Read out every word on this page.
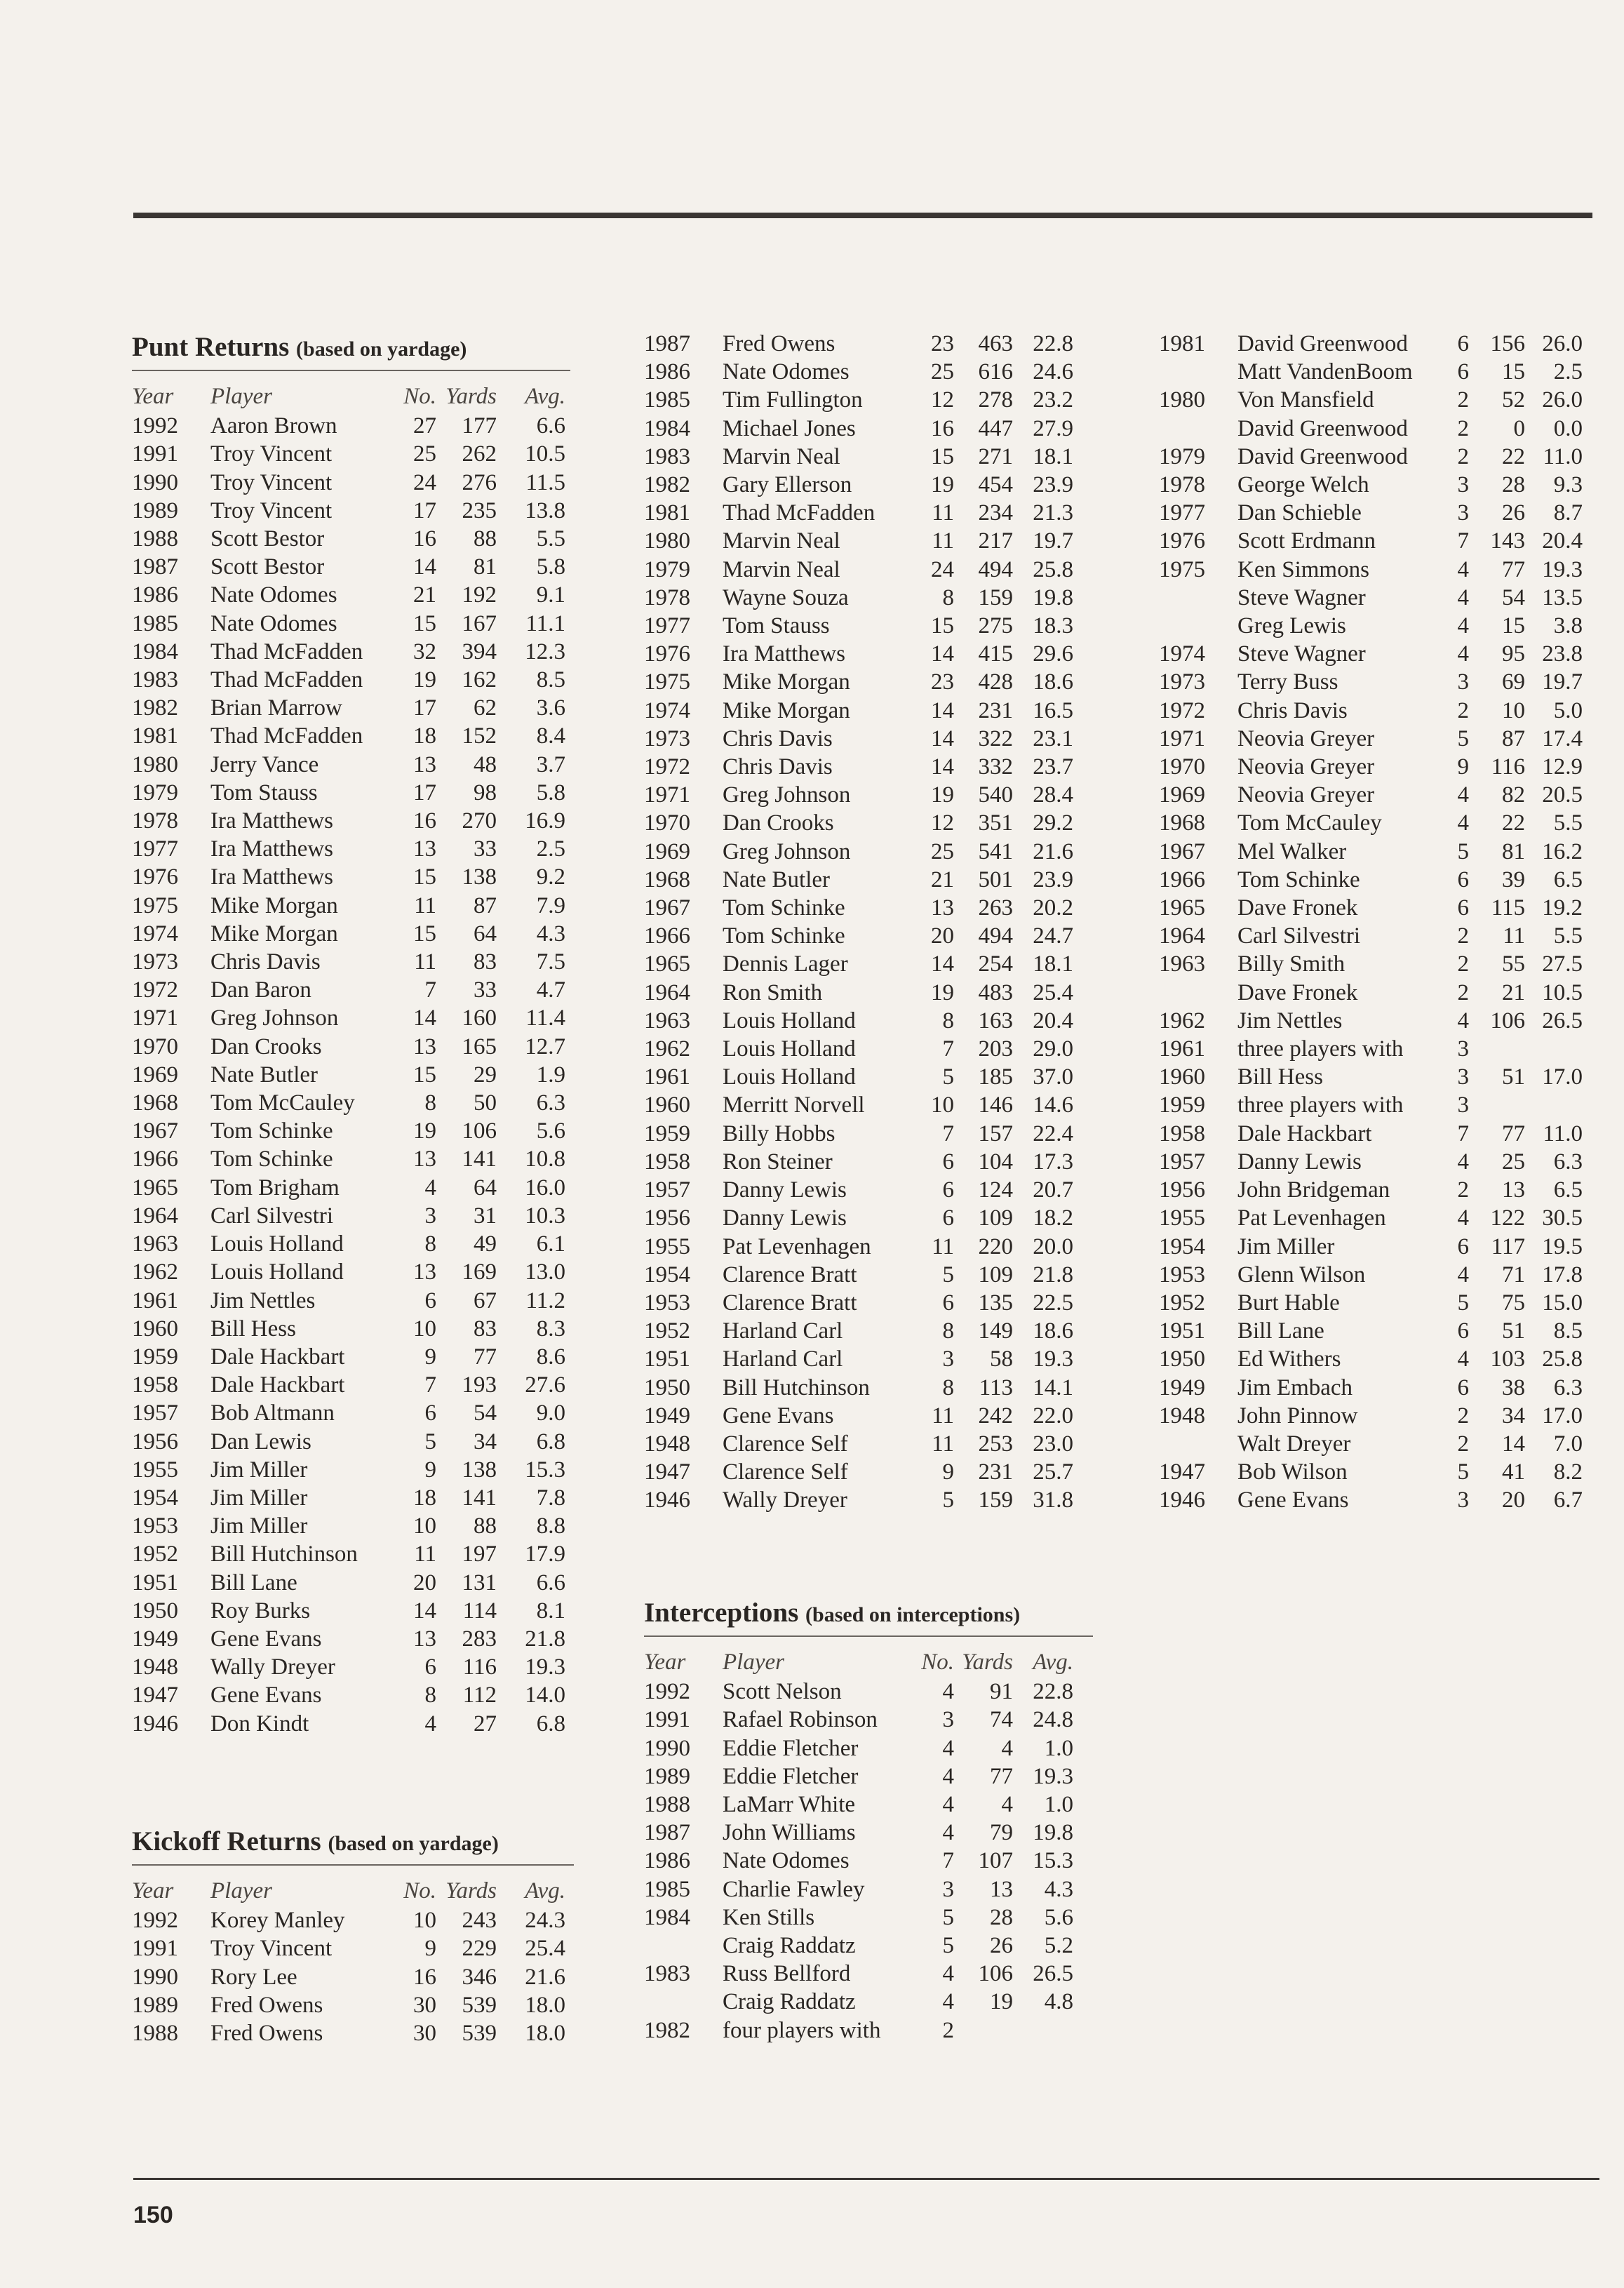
Punt Returns (based on yardage)
Year	Player	No.	Yards	Avg.
1992	Aaron Brown	27	177	6.6
1991	Troy Vincent	25	262	10.5
1990	Troy Vincent	24	276	11.5
1989	Troy Vincent	17	235	13.8
1988	Scott Bestor	16	88	5.5
1987	Scott Bestor	14	81	5.8
1986	Nate Odomes	21	192	9.1
1985	Nate Odomes	15	167	11.1
1984	Thad McFadden	32	394	12.3
1983	Thad McFadden	19	162	8.5
1982	Brian Marrow	17	62	3.6
1981	Thad McFadden	18	152	8.4
1980	Jerry Vance	13	48	3.7
1979	Tom Stauss	17	98	5.8
1978	Ira Matthews	16	270	16.9
1977	Ira Matthews	13	33	2.5
1976	Ira Matthews	15	138	9.2
1975	Mike Morgan	11	87	7.9
1974	Mike Morgan	15	64	4.3
1973	Chris Davis	11	83	7.5
1972	Dan Baron	7	33	4.7
1971	Greg Johnson	14	160	11.4
1970	Dan Crooks	13	165	12.7
1969	Nate Butler	15	29	1.9
1968	Tom McCauley	8	50	6.3
1967	Tom Schinke	19	106	5.6
1966	Tom Schinke	13	141	10.8
1965	Tom Brigham	4	64	16.0
1964	Carl Silvestri	3	31	10.3
1963	Louis Holland	8	49	6.1
1962	Louis Holland	13	169	13.0
1961	Jim Nettles	6	67	11.2
1960	Bill Hess	10	83	8.3
1959	Dale Hackbart	9	77	8.6
1958	Dale Hackbart	7	193	27.6
1957	Bob Altmann	6	54	9.0
1956	Dan Lewis	5	34	6.8
1955	Jim Miller	9	138	15.3
1954	Jim Miller	18	141	7.8
1953	Jim Miller	10	88	8.8
1952	Bill Hutchinson	11	197	17.9
1951	Bill Lane	20	131	6.6
1950	Roy Burks	14	114	8.1
1949	Gene Evans	13	283	21.8
1948	Wally Dreyer	6	116	19.3
1947	Gene Evans	8	112	14.0
1946	Don Kindt	4	27	6.8
Kickoff Returns (based on yardage)
Year	Player	No.	Yards	Avg.
1992	Korey Manley	10	243	24.3
1991	Troy Vincent	9	229	25.4
1990	Rory Lee	16	346	21.6
1989	Fred Owens	30	539	18.0
1988	Fred Owens	30	539	18.0
1987	Fred Owens	23	463	22.8
1986	Nate Odomes	25	616	24.6
1985	Tim Fullington	12	278	23.2
1984	Michael Jones	16	447	27.9
1983	Marvin Neal	15	271	18.1
1982	Gary Ellerson	19	454	23.9
1981	Thad McFadden	11	234	21.3
1980	Marvin Neal	11	217	19.7
1979	Marvin Neal	24	494	25.8
1978	Wayne Souza	8	159	19.8
1977	Tom Stauss	15	275	18.3
1976	Ira Matthews	14	415	29.6
1975	Mike Morgan	23	428	18.6
1974	Mike Morgan	14	231	16.5
1973	Chris Davis	14	322	23.1
1972	Chris Davis	14	332	23.7
1971	Greg Johnson	19	540	28.4
1970	Dan Crooks	12	351	29.2
1969	Greg Johnson	25	541	21.6
1968	Nate Butler	21	501	23.9
1967	Tom Schinke	13	263	20.2
1966	Tom Schinke	20	494	24.7
1965	Dennis Lager	14	254	18.1
1964	Ron Smith	19	483	25.4
1963	Louis Holland	8	163	20.4
1962	Louis Holland	7	203	29.0
1961	Louis Holland	5	185	37.0
1960	Merritt Norvell	10	146	14.6
1959	Billy Hobbs	7	157	22.4
1958	Ron Steiner	6	104	17.3
1957	Danny Lewis	6	124	20.7
1956	Danny Lewis	6	109	18.2
1955	Pat Levenhagen	11	220	20.0
1954	Clarence Bratt	5	109	21.8
1953	Clarence Bratt	6	135	22.5
1952	Harland Carl	8	149	18.6
1951	Harland Carl	3	58	19.3
1950	Bill Hutchinson	8	113	14.1
1949	Gene Evans	11	242	22.0
1948	Clarence Self	11	253	23.0
1947	Clarence Self	9	231	25.7
1946	Wally Dreyer	5	159	31.8
Interceptions (based on interceptions)
Year	Player	No.	Yards	Avg.
1992	Scott Nelson	4	91	22.8
1991	Rafael Robinson	3	74	24.8
1990	Eddie Fletcher	4	4	1.0
1989	Eddie Fletcher	4	77	19.3
1988	LaMarr White	4	4	1.0
1987	John Williams	4	79	19.8
1986	Nate Odomes	7	107	15.3
1985	Charlie Fawley	3	13	4.3
1984	Ken Stills	5	28	5.6
	Craig Raddatz	5	26	5.2
1983	Russ Bellford	4	106	26.5
	Craig Raddatz	4	19	4.8
1982	four players with	2		
1981	David Greenwood	6	156	26.0
	Matt VandenBoom	6	15	2.5
1980	Von Mansfield	2	52	26.0
	David Greenwood	2	0	0.0
1979	David Greenwood	2	22	11.0
1978	George Welch	3	28	9.3
1977	Dan Schieble	3	26	8.7
1976	Scott Erdmann	7	143	20.4
1975	Ken Simmons	4	77	19.3
	Steve Wagner	4	54	13.5
	Greg Lewis	4	15	3.8
1974	Steve Wagner	4	95	23.8
1973	Terry Buss	3	69	19.7
1972	Chris Davis	2	10	5.0
1971	Neovia Greyer	5	87	17.4
1970	Neovia Greyer	9	116	12.9
1969	Neovia Greyer	4	82	20.5
1968	Tom McCauley	4	22	5.5
1967	Mel Walker	5	81	16.2
1966	Tom Schinke	6	39	6.5
1965	Dave Fronek	6	115	19.2
1964	Carl Silvestri	2	11	5.5
1963	Billy Smith	2	55	27.5
	Dave Fronek	2	21	10.5
1962	Jim Nettles	4	106	26.5
1961	three players with	3		
1960	Bill Hess	3	51	17.0
1959	three players with	3		
1958	Dale Hackbart	7	77	11.0
1957	Danny Lewis	4	25	6.3
1956	John Bridgeman	2	13	6.5
1955	Pat Levenhagen	4	122	30.5
1954	Jim Miller	6	117	19.5
1953	Glenn Wilson	4	71	17.8
1952	Burt Hable	5	75	15.0
1951	Bill Lane	6	51	8.5
1950	Ed Withers	4	103	25.8
1949	Jim Embach	6	38	6.3
1948	John Pinnow	2	34	17.0
	Walt Dreyer	2	14	7.0
1947	Bob Wilson	5	41	8.2
1946	Gene Evans	3	20	6.7
150
